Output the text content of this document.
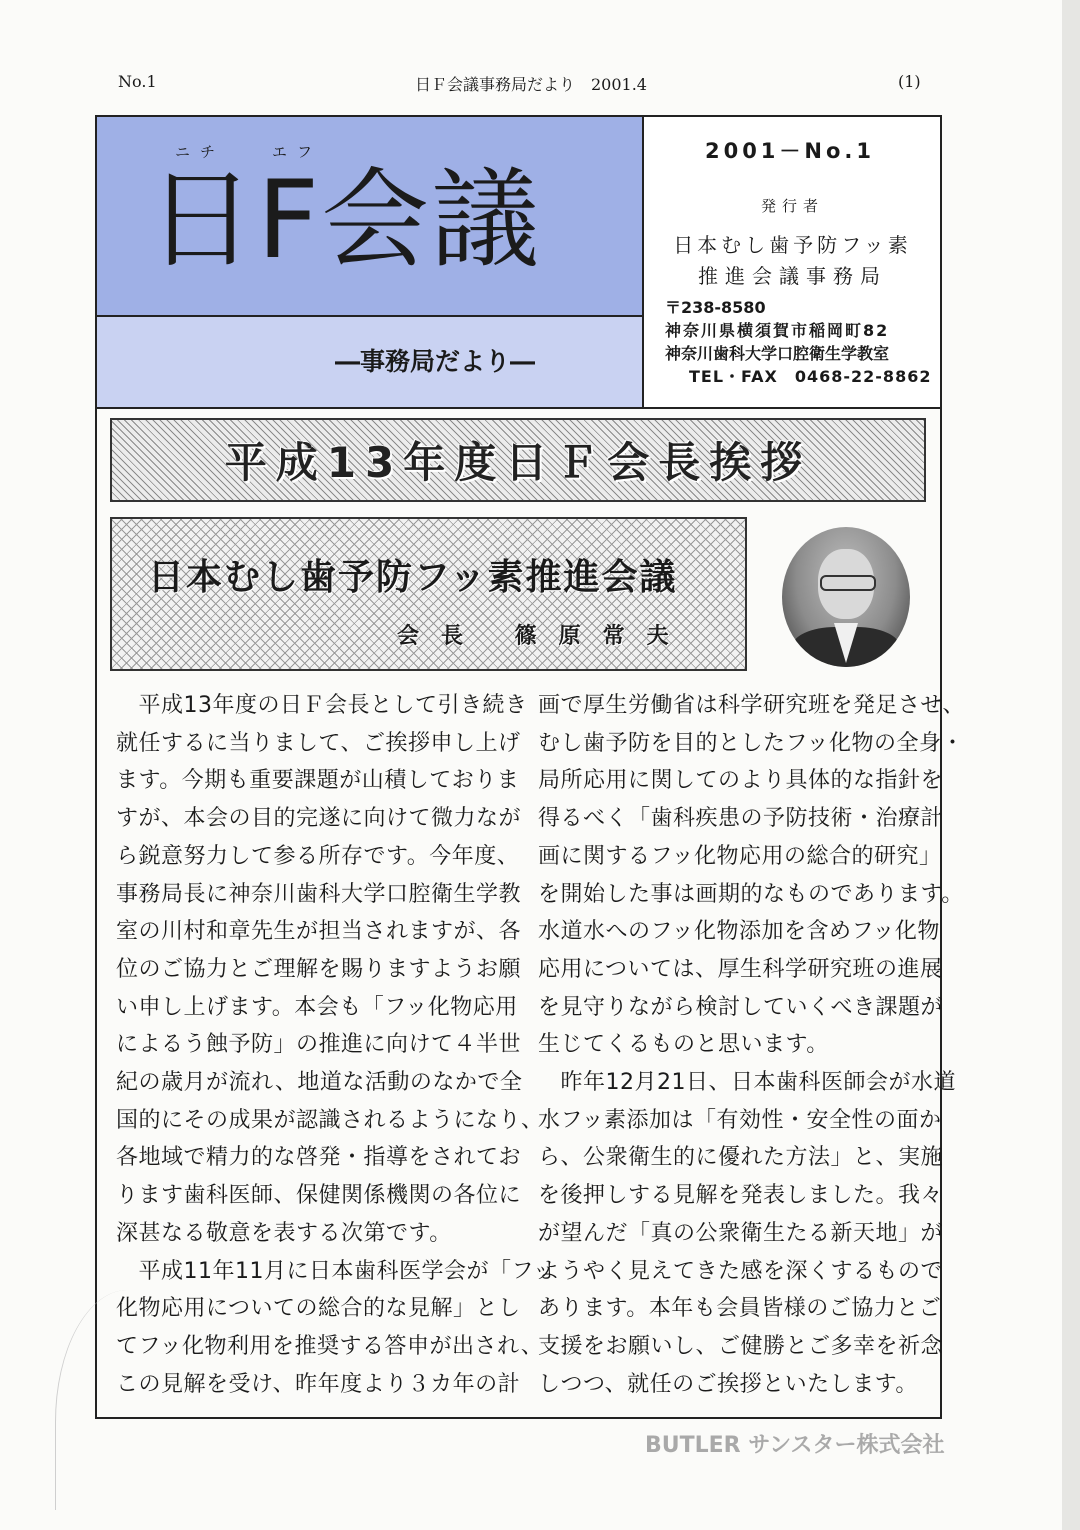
No.1	日Ｆ会議事務局だより　2001.4	(1)
ニチ	エフ
日F会議
―事務局だより―
2001－No.1
発行者
日本むし歯予防フッ素
推進会議事務局
〒238-8580
神奈川県横須賀市稲岡町82
神奈川歯科大学口腔衛生学教室
TEL・FAX　0468-22-8862
平成13年度日Ｆ会長挨拶
日本むし歯予防フッ素推進会議
会長 篠原常夫

　平成13年度の日Ｆ会長として引き続き

就任するに当りまして、ご挨拶申し上げ

ます。今期も重要課題が山積しておりま

すが、本会の目的完遂に向けて微力なが

ら鋭意努力して参る所存です。今年度、

事務局長に神奈川歯科大学口腔衛生学教

室の川村和章先生が担当されますが、各

位のご協力とご理解を賜りますようお願

い申し上げます。本会も「フッ化物応用

によるう蝕予防」の推進に向けて４半世

紀の歳月が流れ、地道な活動のなかで全

国的にその成果が認識されるようになり、

各地域で精力的な啓発・指導をされてお

ります歯科医師、保健関係機関の各位に

深甚なる敬意を表する次第です。

　平成11年11月に日本歯科医学会が「フッ

化物応用についての総合的な見解」とし

てフッ化物利用を推奨する答申が出され、

この見解を受け、昨年度より３カ年の計

画で厚生労働省は科学研究班を発足させ、

むし歯予防を目的としたフッ化物の全身・

局所応用に関してのより具体的な指針を

得るべく「歯科疾患の予防技術・治療計

画に関するフッ化物応用の総合的研究」

を開始した事は画期的なものであります。

水道水へのフッ化物添加を含めフッ化物

応用については、厚生科学研究班の進展

を見守りながら検討していくべき課題が

生じてくるものと思います。

　昨年12月21日、日本歯科医師会が水道

水フッ素添加は「有効性・安全性の面か

ら、公衆衛生的に優れた方法」と、実施

を後押しする見解を発表しました。我々

が望んだ「真の公衆衛生たる新天地」が

ようやく見えてきた感を深くするもので

あります。本年も会員皆様のご協力とご

支援をお願いし、ご健勝とご多幸を祈念

しつつ、就任のご挨拶といたします。

BUTLER サンスター株式会社
